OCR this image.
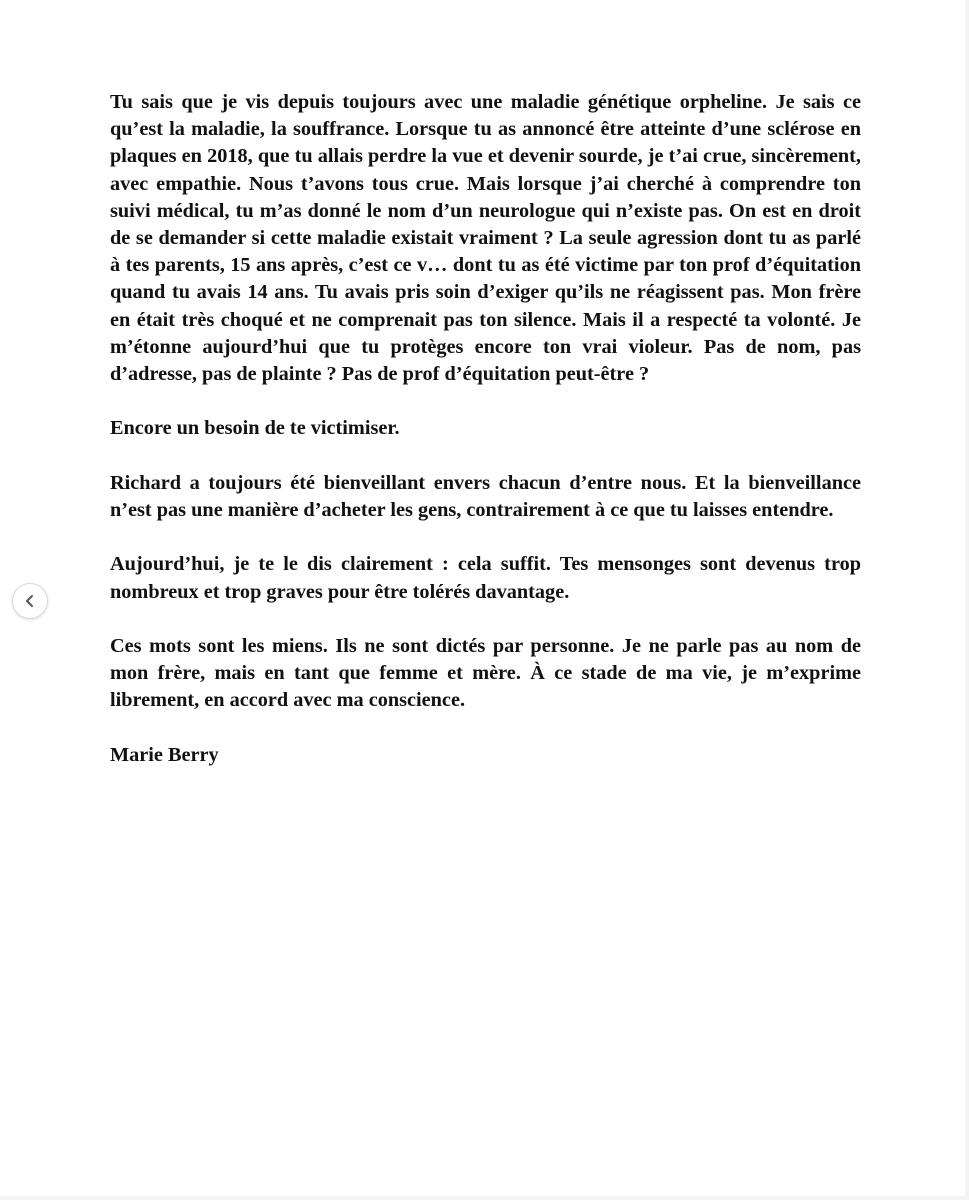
Tu sais que je vis depuis toujours avec une maladie génétique orpheline. Je sais ce qu’est la maladie, la souffrance. Lorsque tu as annoncé être atteinte d’une sclérose en plaques en 2018, que tu allais perdre la vue et devenir sourde, je t’ai crue, sincèrement, avec empathie. Nous t’avons tous crue. Mais lorsque j’ai cherché à comprendre ton suivi médical, tu m’as donné le nom d’un neurologue qui n’existe pas. On est en droit de se demander si cette maladie existait vraiment ? La seule agression dont tu as parlé à tes parents, 15 ans après, c’est ce v… dont tu as été victime par ton prof d’équitation quand tu avais 14 ans. Tu avais pris soin d’exiger qu’ils ne réagissent pas. Mon frère en était très choqué et ne comprenait pas ton silence. Mais il a respecté ta volonté. Je m’étonne aujourd’hui que tu protèges encore ton vrai violeur. Pas de nom, pas d’adresse, pas de plainte ? Pas de prof d’équitation peut-être ?

Encore un besoin de te victimiser.

Richard a toujours été bienveillant envers chacun d’entre nous. Et la bienveillance n’est pas une manière d’acheter les gens, contrairement à ce que tu laisses entendre.

Aujourd’hui, je te le dis clairement : cela suffit. Tes mensonges sont devenus trop nombreux et trop graves pour être tolérés davantage.

Ces mots sont les miens. Ils ne sont dictés par personne. Je ne parle pas au nom de mon frère, mais en tant que femme et mère. À ce stade de ma vie, je m’exprime librement, en accord avec ma conscience.

Marie Berry
